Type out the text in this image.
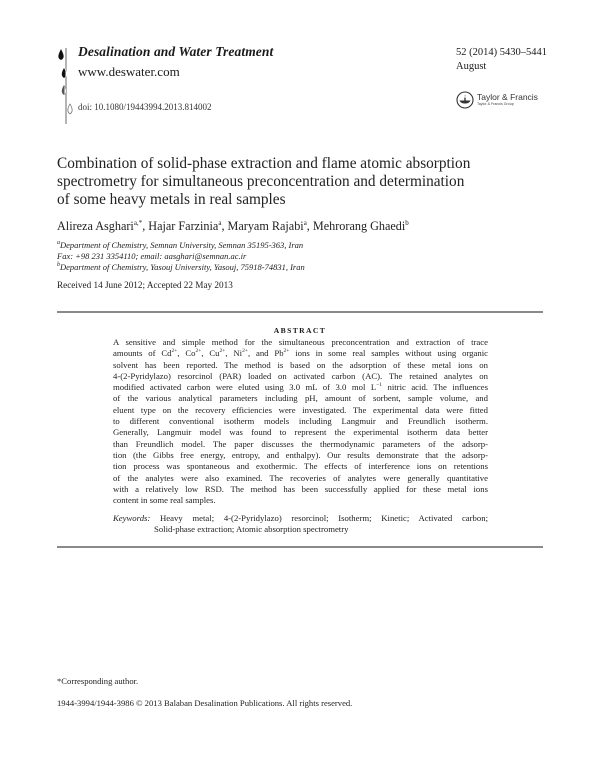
Desalination and Water Treatment
www.deswater.com
doi: 10.1080/19443994.2013.814002
52 (2014) 5430–5441
August
Taylor & Francis
Taylor & Francis Group
Combination of solid-phase extraction and flame atomic absorption
spectrometry for simultaneous preconcentration and determination
of some heavy metals in real samples
Alireza Asghari$^{a,*}$, Hajar Farzinia$^a$, Maryam Rajabi$^a$, Mehrorang Ghaedi$^b$
$^a$Department of Chemistry, Semnan University, Semnan 35195-363, Iran
Fax: +98 231 3354110; email: aasghari@semnan.ac.ir
$^b$Department of Chemistry, Yasouj University, Yasouj, 75918-74831, Iran
Received 14 June 2012; Accepted 22 May 2013
ABSTRACT
A sensitive and simple method for the simultaneous preconcentration and extraction of trace
amounts of $Cd^{2+}$, $Co^{2+}$, $Cu^{2+}$, $Ni^{2+}$, and $Pb^{2+}$ ions in some real samples without using organic
solvent has been reported. The method is based on the adsorption of these metal ions on
4-(2-Pyridylazo) resorcinol (PAR) loaded on activated carbon (AC). The retained analytes on
modified activated carbon were eluted using 3.0 mL of 3.0 mol $L^{-1}$ nitric acid. The influences
of the various analytical parameters including pH, amount of sorbent, sample volume, and
eluent type on the recovery efficiencies were investigated. The experimental data were fitted
to different conventional isotherm models including Langmuir and Freundlich isotherm.
Generally, Langmuir model was found to represent the experimental isotherm data better
than Freundlich model. The paper discusses the thermodynamic parameters of the adsorp-
tion (the Gibbs free energy, entropy, and enthalpy). Our results demonstrate that the adsorp-
tion process was spontaneous and exothermic. The effects of interference ions on retentions
of the analytes were also examined. The recoveries of analytes were generally quantitative
with a relatively low RSD. The method has been successfully applied for these metal ions
content in some real samples.
Keywords: Heavy metal; 4-(2-Pyridylazo) resorcinol; Isotherm; Kinetic; Activated carbon;
Solid-phase extraction; Atomic absorption spectrometry
*Corresponding author.
1944-3994/1944-3986 © 2013 Balaban Desalination Publications. All rights reserved.
